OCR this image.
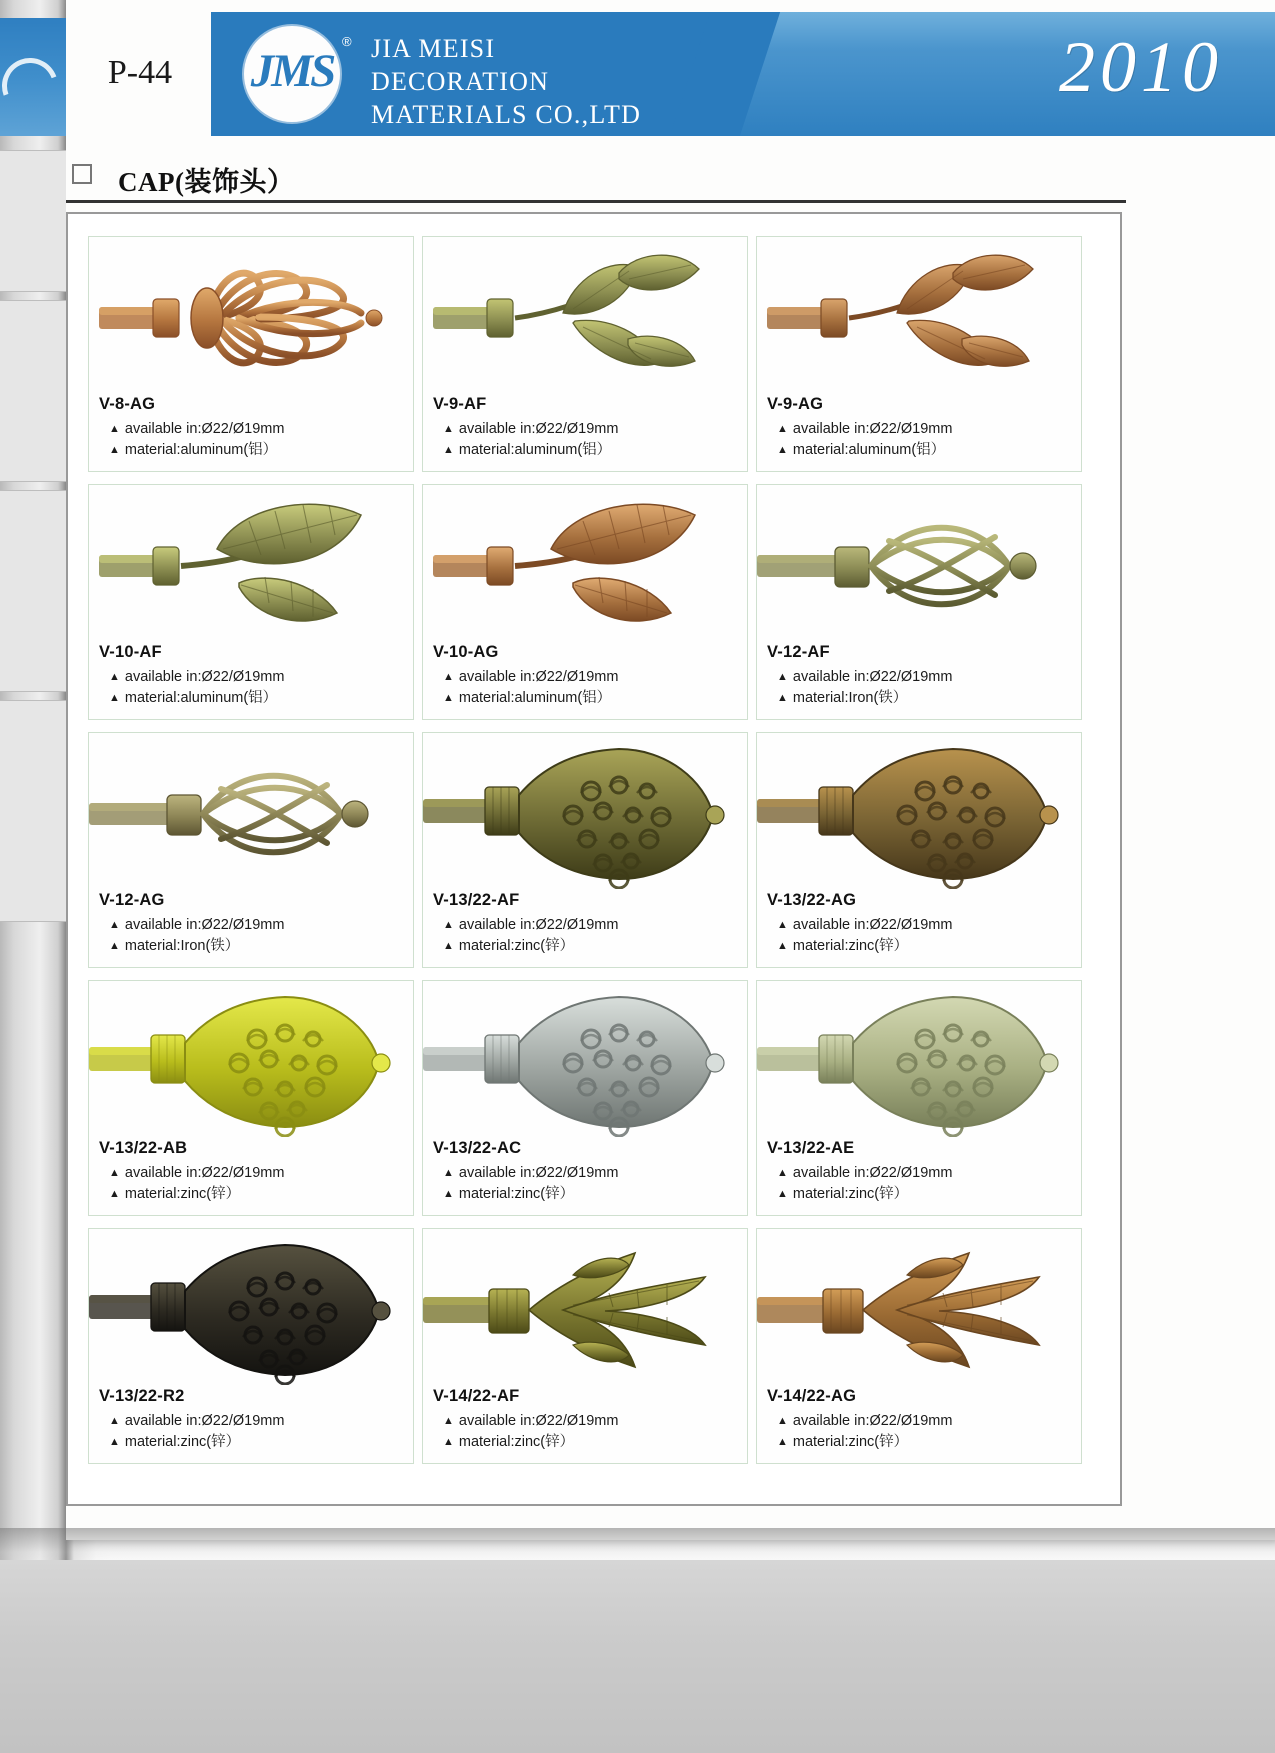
P-44	JMS
® JIA MEISI
DECORATION
MATERIALS CO.,LTD
2010
CAP(装饰头）
V-8-AG
▲ available in:Ø22/Ø19mm
▲ material:aluminum(铝）
V-9-AF
▲ available in:Ø22/Ø19mm
▲ material:aluminum(铝）
V-9-AG
▲ available in:Ø22/Ø19mm
▲ material:aluminum(铝）
V-10-AF
▲ available in:Ø22/Ø19mm
▲ material:aluminum(铝）
V-10-AG
▲ available in:Ø22/Ø19mm
▲ material:aluminum(铝）
V-12-AF
▲ available in:Ø22/Ø19mm
▲ material:Iron(铁）
V-12-AG
▲ available in:Ø22/Ø19mm
▲ material:Iron(铁）
V-13/22-AF
▲ available in:Ø22/Ø19mm
▲ material:zinc(锌）
V-13/22-AG
▲ available in:Ø22/Ø19mm
▲ material:zinc(锌）
V-13/22-AB
▲ available in:Ø22/Ø19mm
▲ material:zinc(锌）
V-13/22-AC
▲ available in:Ø22/Ø19mm
▲ material:zinc(锌）
V-13/22-AE
▲ available in:Ø22/Ø19mm
▲ material:zinc(锌）
V-13/22-R2
▲ available in:Ø22/Ø19mm
▲ material:zinc(锌）
V-14/22-AF
▲ available in:Ø22/Ø19mm
▲ material:zinc(锌）
V-14/22-AG
▲ available in:Ø22/Ø19mm
▲ material:zinc(锌）
